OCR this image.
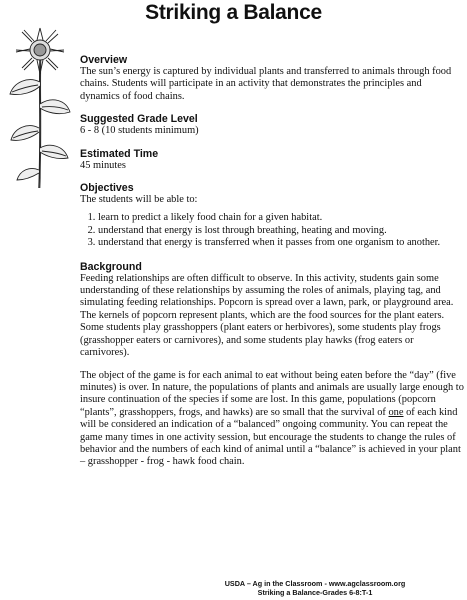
Striking a Balance
Overview

The sun’s energy is captured by individual plants and transferred to animals through food chains. Students will participate in an activity that demonstrates the principles and dynamics of food chains.

Suggested Grade Level

6 - 8 (10 students minimum)

Estimated Time

45 minutes

Objectives

The students will be able to:

1. learn to predict a likely food chain for a given habitat.
2. understand that energy is lost through breathing, heating and moving.
3. understand that energy is transferred when it passes from one organism to another.
Background

Feeding relationships are often difficult to observe. In this activity, students gain some understanding of these relationships by assuming the roles of animals, playing tag, and simulating feeding relationships. Popcorn is spread over a lawn, park, or playground area. The kernels of popcorn represent plants, which are the food sources for the plant eaters. Some students play grasshoppers (plant eaters or herbivores), some students play frogs (grasshopper eaters or carnivores), and some students play hawks (frog eaters or carnivores).

The object of the game is for each animal to eat without being eaten before the “day” (five minutes) is over. In nature, the populations of plants and animals are usually large enough to insure continuation of the species if some are lost. In this game, populations (popcorn “plants”, grasshoppers, frogs, and hawks) are so small that the survival of one of each kind will be considered an indication of a “balanced” ongoing community. You can repeat the game many times in one activity session, but encourage the students to change the rules of behavior and the numbers of each kind of animal until a “balance” is achieved in your plant – grasshopper - frog - hawk food chain.

USDA – Ag in the Classroom - www.agclassroom.org
Striking a Balance-Grades 6-8:T-1
